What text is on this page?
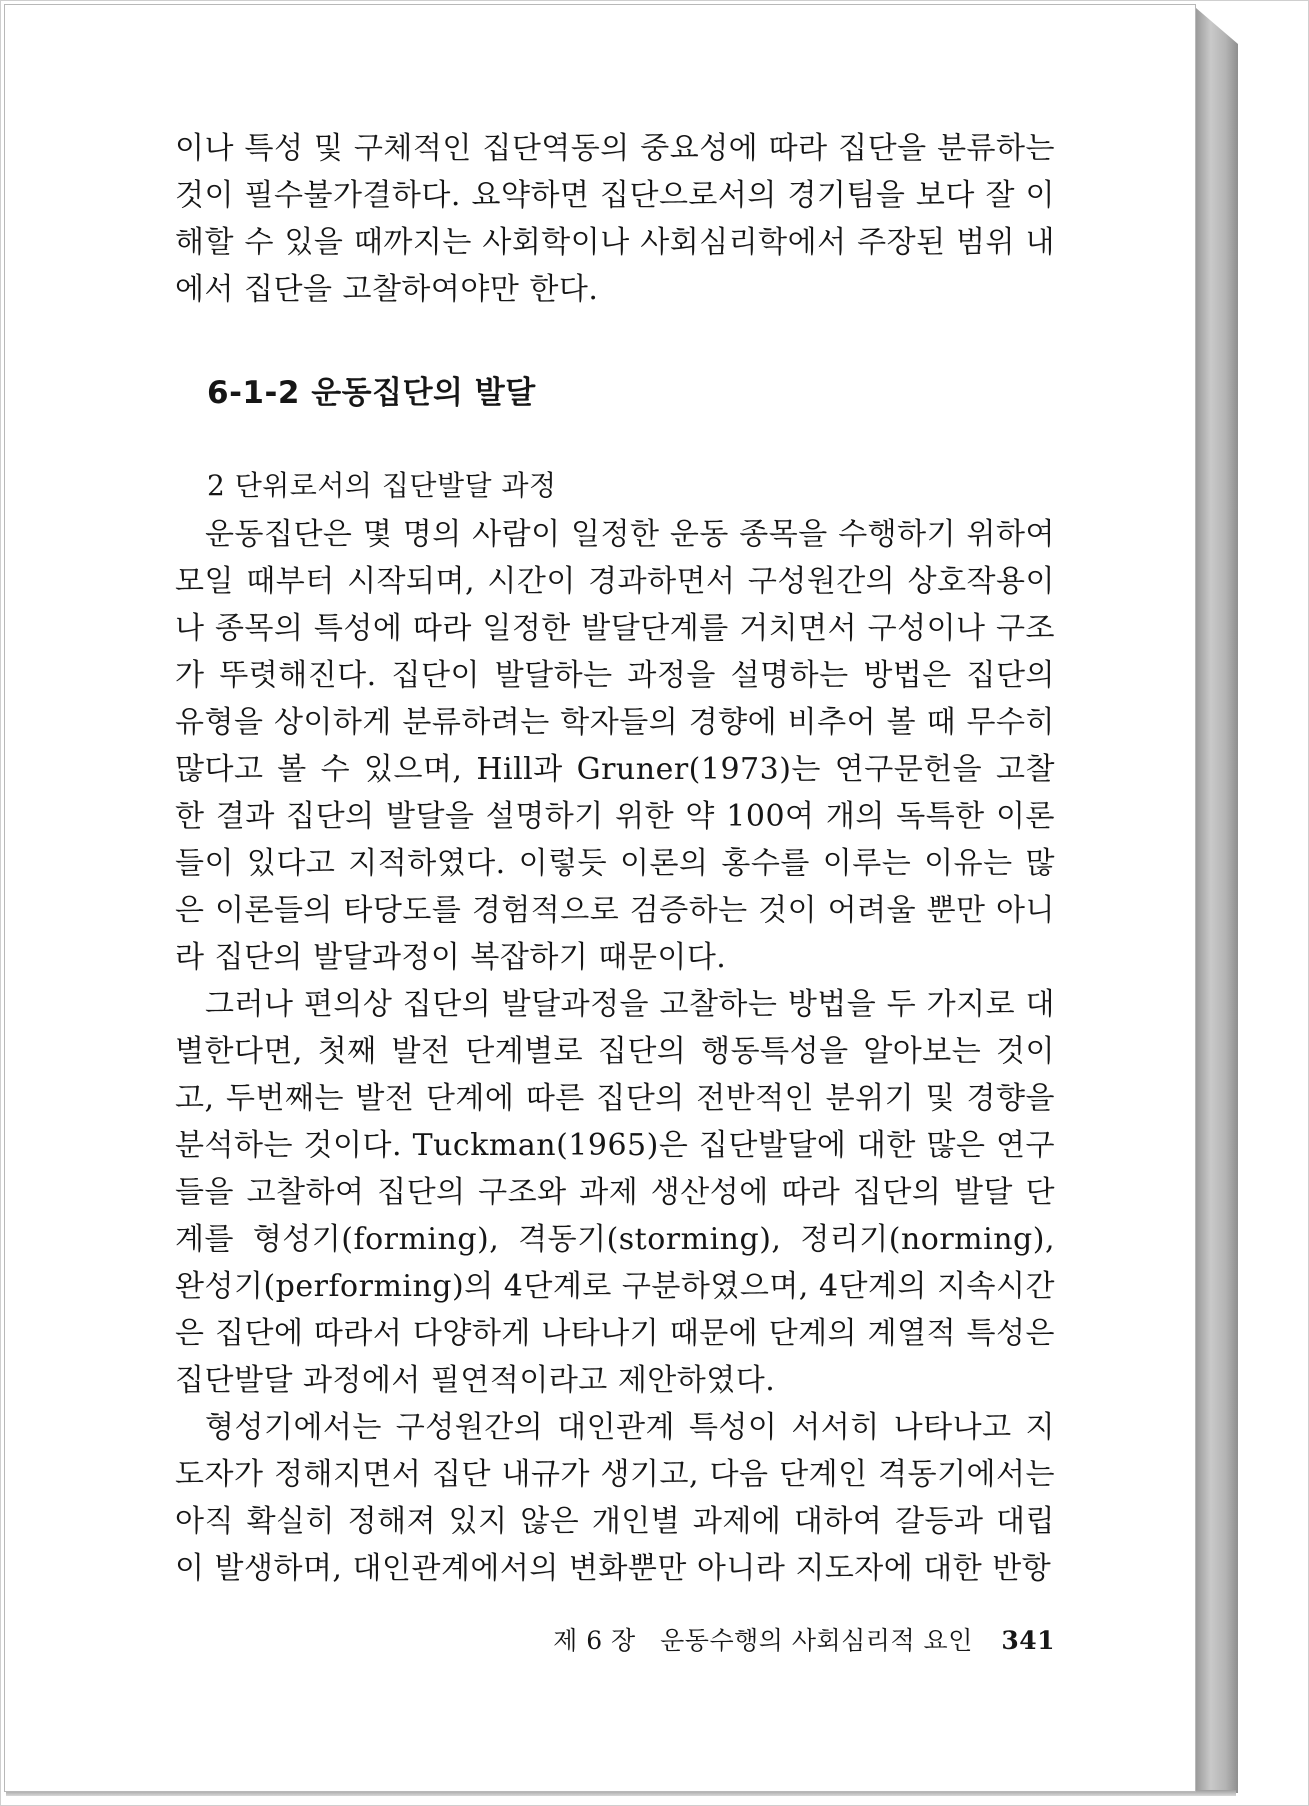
이나 특성 및 구체적인 집단역동의 중요성에 따라 집단을 분류하는 것이 필수불가결하다. 요약하면 집단으로서의 경기팀을 보다 잘 이해할 수 있을 때까지는 사회학이나 사회심리학에서 주장된 범위 내에서 집단을 고찰하여야만 한다.

6-1-2 운동집단의 발달
2 단위로서의 집단발달 과정

운동집단은 몇 명의 사람이 일정한 운동 종목을 수행하기 위하여 모일 때부터 시작되며, 시간이 경과하면서 구성원간의 상호작용이나 종목의 특성에 따라 일정한 발달단계를 거치면서 구성이나 구조가 뚜렷해진다. 집단이 발달하는 과정을 설명하는 방법은 집단의 유형을 상이하게 분류하려는 학자들의 경향에 비추어 볼 때 무수히 많다고 볼 수 있으며, Hill과 Gruner(1973)는 연구문헌을 고찰한 결과 집단의 발달을 설명하기 위한 약 100여 개의 독특한 이론들이 있다고 지적하였다. 이렇듯 이론의 홍수를 이루는 이유는 많은 이론들의 타당도를 경험적으로 검증하는 것이 어려울 뿐만 아니라 집단의 발달과정이 복잡하기 때문이다.

그러나 편의상 집단의 발달과정을 고찰하는 방법을 두 가지로 대별한다면, 첫째 발전 단계별로 집단의 행동특성을 알아보는 것이고, 두번째는 발전 단계에 따른 집단의 전반적인 분위기 및 경향을 분석하는 것이다. Tuckman(1965)은 집단발달에 대한 많은 연구들을 고찰하여 집단의 구조와 과제 생산성에 따라 집단의 발달 단계를 형성기(forming), 격동기(storming), 정리기(norming), 완성기(performing)의 4단계로 구분하였으며, 4단계의 지속시간은 집단에 따라서 다양하게 나타나기 때문에 단계의 계열적 특성은 집단발달 과정에서 필연적이라고 제안하였다.

형성기에서는 구성원간의 대인관계 특성이 서서히 나타나고 지도자가 정해지면서 집단 내규가 생기고, 다음 단계인 격동기에서는 아직 확실히 정해져 있지 않은 개인별 과제에 대하여 갈등과 대립이 발생하며, 대인관계에서의 변화뿐만 아니라 지도자에 대한 반항

제 6 장 운동수행의 사회심리적 요인 341
